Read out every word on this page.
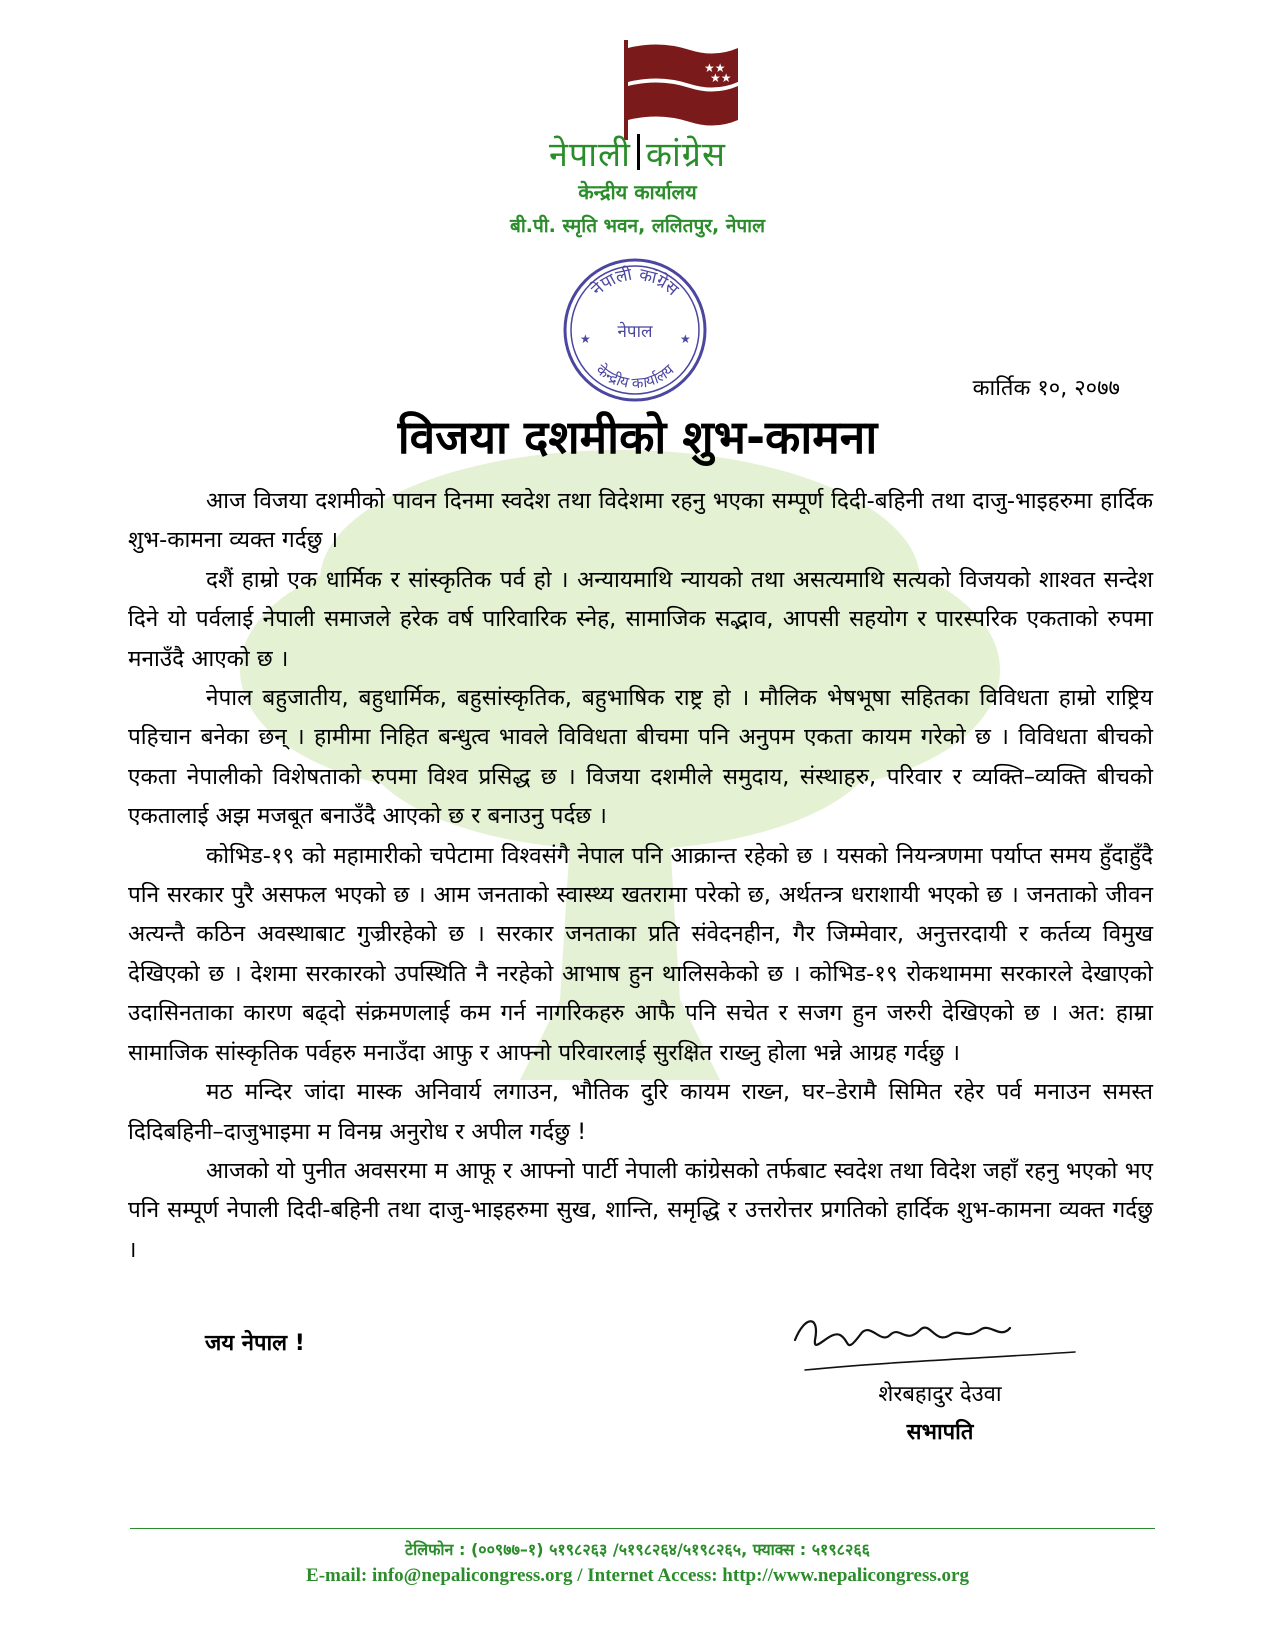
★★
★★
नेपाली कांग्रेस
केन्द्रीय कार्यालय
बी.पी. स्मृति भवन, ललितपुर, नेपाल
नेपाली कांग्रेस
नेपाल
केन्द्रीय कार्यालय
★	★
कार्तिक १०, २०७७
विजया दशमीको शुभ-कामना

आज विजया दशमीको पावन दिनमा स्वदेश तथा विदेशमा रहनु भएका सम्पूर्ण दिदी-बहिनी तथा दाजु-भाइहरुमा हार्दिक शुभ-कामना व्यक्त गर्दछु ।

दशैं हाम्रो एक धार्मिक र सांस्कृतिक पर्व हो । अन्यायमाथि न्यायको तथा असत्यमाथि सत्यको विजयको शाश्वत सन्देश दिने यो पर्वलाई नेपाली समाजले हरेक वर्ष पारिवारिक स्नेह, सामाजिक सद्भाव, आपसी सहयोग र पारस्परिक एकताको रुपमा मनाउँदै आएको छ ।

नेपाल बहुजातीय, बहुधार्मिक, बहुसांस्कृतिक, बहुभाषिक राष्ट्र हो । मौलिक भेषभूषा सहितका विविधता हाम्रो राष्ट्रिय पहिचान बनेका छन् । हामीमा निहित बन्धुत्व भावले विविधता बीचमा पनि अनुपम एकता कायम गरेको छ । विविधता बीचको एकता नेपालीको विशेषताको रुपमा विश्व प्रसिद्ध छ । विजया दशमीले समुदाय, संस्थाहरु, परिवार र व्यक्ति–व्यक्ति बीचको एकतालाई अझ मजबूत बनाउँदै आएको छ र बनाउनु पर्दछ ।

कोभिड-१९ को महामारीको चपेटामा विश्वसंगै नेपाल पनि आक्रान्त रहेको छ । यसको नियन्त्रणमा पर्याप्त समय हुँदाहुँदै पनि सरकार पुरै असफल भएको छ । आम जनताको स्वास्थ्य खतरामा परेको छ, अर्थतन्त्र धराशायी भएको छ । जनताको जीवन अत्यन्तै कठिन अवस्थाबाट गुज्रीरहेको छ । सरकार जनताका प्रति संवेदनहीन, गैर जिम्मेवार, अनुत्तरदायी र कर्तव्य विमुख देखिएको छ । देशमा सरकारको उपस्थिति नै नरहेको आभाष हुन थालिसकेको छ । कोभिड-१९ रोकथाममा सरकारले देखाएको उदासिनताका कारण बढ्दो संक्रमणलाई कम गर्न नागरिकहरु आफै पनि सचेत र सजग हुन जरुरी देखिएको छ । अत: हाम्रा सामाजिक सांस्कृतिक पर्वहरु मनाउँदा आफु र आफ्नो परिवारलाई सुरक्षित राख्नु होला भन्ने आग्रह गर्दछु ।

मठ मन्दिर जांदा मास्क अनिवार्य लगाउन, भौतिक दुरि कायम राख्न, घर–डेरामै सिमित रहेर पर्व मनाउन समस्त दिदिबहिनी–दाजुभाइमा म विनम्र अनुरोध र अपील गर्दछु !

आजको यो पुनीत अवसरमा म आफू र आफ्नो पार्टी नेपाली कांग्रेसको तर्फबाट स्वदेश तथा विदेश जहाँ रहनु भएको भए पनि सम्पूर्ण नेपाली दिदी-बहिनी तथा दाजु-भाइहरुमा सुख, शान्ति, समृद्धि र उत्तरोत्तर प्रगतिको हार्दिक शुभ-कामना व्यक्त गर्दछु ।

जय नेपाल !
शेरबहादुर देउवा
सभापति
टेलिफोन : (००९७७–१) ५१९८२६३ /५१९८२६४/५१९८२६५, फ्याक्स : ५१९८२६६
E-mail: info@nepalicongress.org / Internet Access: http://www.nepalicongress.org
